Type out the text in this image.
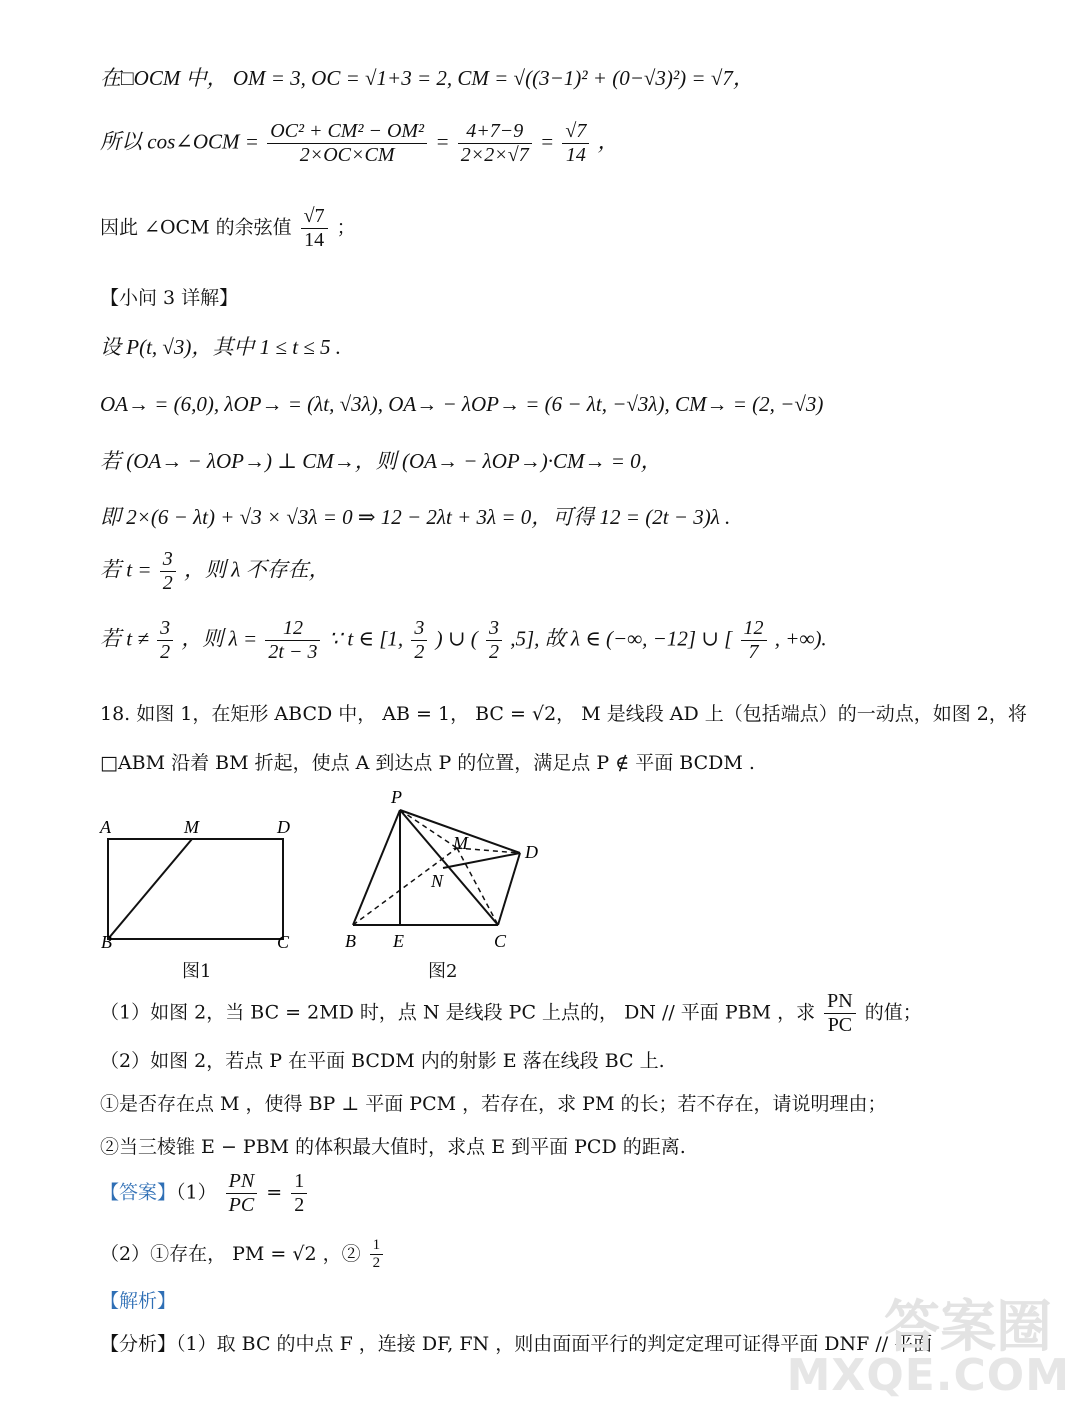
在□OCM 中， OM = 3, OC = √1+3 = 2, CM = √((3−1)² + (0−√3)²) = √7，
所以 cos∠OCM = $\frac{\text{OC² + CM² − OM²}}{2\times OC\times CM} = \frac{4+7-9}{2\times 2\times√7} = \frac{√7}{14}$ ，
因此 ∠OCM 的余弦值 $\frac{√7}{14}$ ；
【小问 3 详解】
设 P(t, √3)，其中 1 ≤ t ≤ 5 .
OA→ = (6,0), λOP→ = (λt, √3λ), OA→ − λOP→ = (6 − λt, −√3λ), CM→ = (2, −√3)
若 (OA→ − λOP→) ⊥ CM→，则 (OA→ − λOP→)·CM→ = 0，
即 2×(6 − λt) + √3 × √3λ = 0 ⇒ 12 − 2λt + 3λ = 0，可得 12 = (2t − 3)λ .
若 $t = \frac{3}{2}$ ，则 λ 不存在，
若 $t \ne \frac{3}{2}$ ，则 $\lambda = \frac{12}{2t - 3}$ ∵ t ∈ [1, $\frac{3}{2}$ ) ∪ ( $\frac{3}{2} ,5$], 故 λ ∈ (−∞, −12] ∪ [ $\frac{12}{7}$ , +∞).
18. 如图 1，在矩形 ABCD 中， AB = 1， BC = √2， M 是线段 AD 上（包括端点）的一动点，如图 2，将
□ABM 沿着 BM 折起，使点 A 到达点 P 的位置，满足点 P ∉ 平面 BCDM .
A	M	D
B	C
图1
P
M	D
N
B E	C
图2
（1）如图 2，当 BC = 2MD 时，点 N 是线段 PC 上点的， DN // 平面 PBM ，求 $\frac{PN}{PC}$ 的值；
（2）如图 2，若点 P 在平面 BCDM 内的射影 E 落在线段 BC 上.
①是否存在点 M ，使得 BP ⊥ 平面 PCM ，若存在，求 PM 的长；若不存在，请说明理由；
②当三棱锥 E − PBM 的体积最大值时，求点 E 到平面 PCD 的距离.
【答案】$(1) \frac{PN}{PC} = \frac{1}{2}$
（2）①存在， PM = √2 ，② $\frac{1}{2}$
【解析】
【分析】（1）取 BC 的中点 F ，连接 DF, FN ，则由面面平行的判定定理可证得平面 DNF // 平面
答案圈
MXQE.COM
